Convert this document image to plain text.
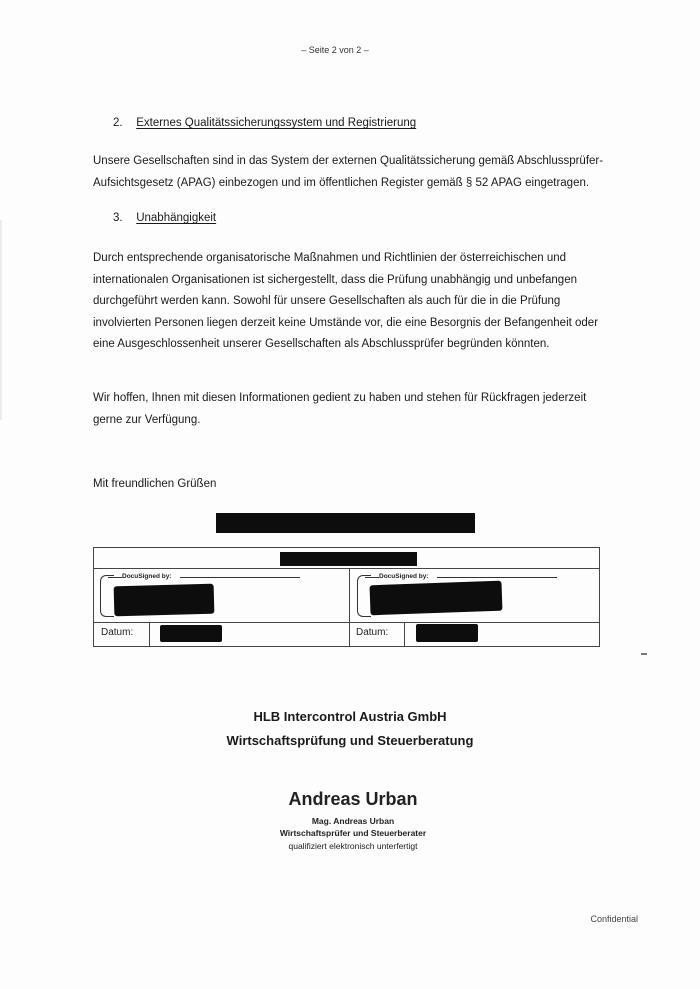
– Seite 2 von 2 –
2. Externes Qualitätssicherungssystem und Registrierung

Unsere Gesellschaften sind in das System der externen Qualitätssicherung gemäß Abschlussprüfer-Aufsichtsgesetz (APAG) einbezogen und im öffentlichen Register gemäß § 52 APAG eingetragen.

3. Unabhängigkeit

Durch entsprechende organisatorische Maßnahmen und Richtlinien der österreichischen und internationalen Organisationen ist sichergestellt, dass die Prüfung unabhängig und unbefangen durchgeführt werden kann. Sowohl für unsere Gesellschaften als auch für die in die Prüfung involvierten Personen liegen derzeit keine Umstände vor, die eine Besorgnis der Befangenheit oder eine Ausgeschlossenheit unserer Gesellschaften als Abschlussprüfer begründen könnten.

Wir hoffen, Ihnen mit diesen Informationen gedient zu haben und stehen für Rückfragen jederzeit gerne zur Verfügung.

Mit freundlichen Grüßen
DocuSigned by:	DocuSigned by:
Datum:	Datum:
HLB Intercontrol Austria GmbH
Wirtschaftsprüfung und Steuerberatung
Andreas Urban
Mag. Andreas Urban
Wirtschaftsprüfer und Steuerberater
qualifiziert elektronisch unterfertigt
Confidential
